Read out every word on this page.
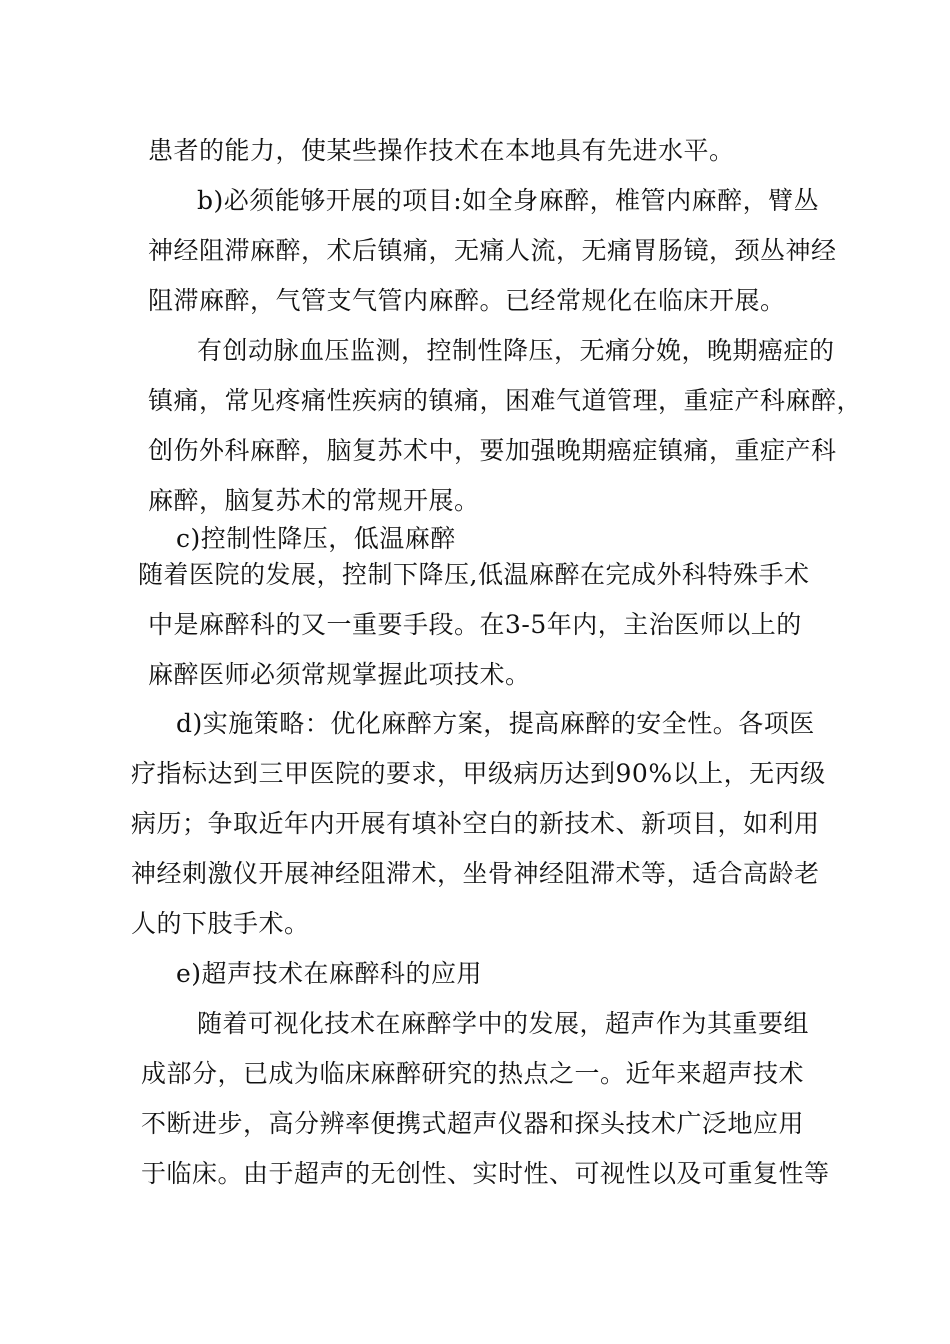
患者的能力，使某些操作技术在本地具有先进水平。
b)必须能够开展的项目:如全身麻醉，椎管内麻醉，臂丛
神经阻滞麻醉，术后镇痛，无痛人流，无痛胃肠镜，颈丛神经
阻滞麻醉，气管支气管内麻醉。已经常规化在临床开展。
有创动脉血压监测，控制性降压，无痛分娩，晚期癌症的
镇痛，常见疼痛性疾病的镇痛，困难气道管理，重症产科麻醉，
创伤外科麻醉，脑复苏术中，要加强晚期癌症镇痛，重症产科
麻醉，脑复苏术的常规开展。
c)控制性降压，低温麻醉
随着医院的发展，控制下降压,低温麻醉在完成外科特殊手术
中是麻醉科的又一重要手段。在3-5年内，主治医师以上的
麻醉医师必须常规掌握此项技术。
d)实施策略：优化麻醉方案，提高麻醉的安全性。各项医
疗指标达到三甲医院的要求，甲级病历达到90%以上，无丙级
病历；争取近年内开展有填补空白的新技术、新项目，如利用
神经刺激仪开展神经阻滞术，坐骨神经阻滞术等，适合高龄老
人的下肢手术。
e)超声技术在麻醉科的应用
随着可视化技术在麻醉学中的发展，超声作为其重要组
成部分，已成为临床麻醉研究的热点之一。近年来超声技术
不断进步，高分辨率便携式超声仪器和探头技术广泛地应用
于临床。由于超声的无创性、实时性、可视性以及可重复性等
